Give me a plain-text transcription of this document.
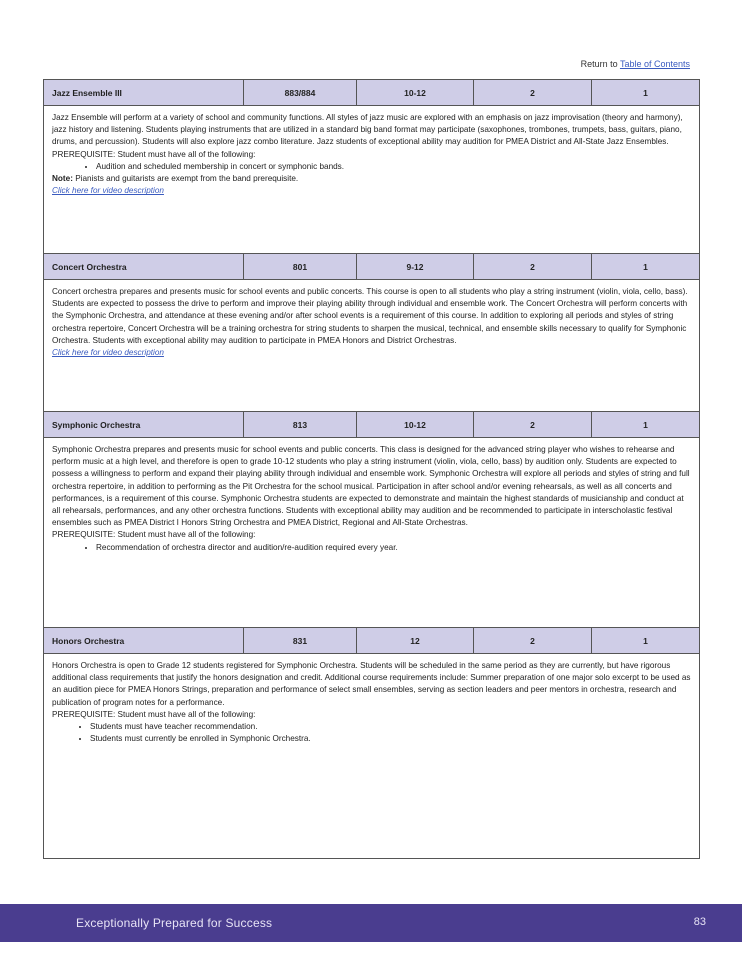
Return to Table of Contents
Jazz Ensemble III	883/884	10-12	2	1

Jazz Ensemble will perform at a variety of school and community functions. All styles of jazz music are explored with an emphasis on jazz improvisation (theory and harmony), jazz history and listening. Students playing instruments that are utilized in a standard big band format may participate (saxophones, trombones, trumpets, bass, guitars, piano, drums, and percussion). Students will also explore jazz combo literature. Jazz students of exceptional ability may audition for PMEA District and All-State Jazz Ensembles.

PREREQUISITE: Student must have all of the following:

• Audition and scheduled membership in concert or symphonic bands.

Note: Pianists and guitarists are exempt from the band prerequisite.

Click here for video description

Concert Orchestra	801	9-12	2	1

Concert orchestra prepares and presents music for school events and public concerts. This course is open to all students who play a string instrument (violin, viola, cello, bass). Students are expected to possess the drive to perform and improve their playing ability through individual and ensemble work. The Concert Orchestra will perform concerts with the Symphonic Orchestra, and attendance at these evening and/or after school events is a requirement of this course. In addition to exploring all periods and styles of string orchestra repertoire, Concert Orchestra will be a training orchestra for string students to sharpen the musical, technical, and ensemble skills necessary to qualify for Symphonic Orchestra. Students with exceptional ability may audition to participate in PMEA Honors and District Orchestras.

Click here for video description

Symphonic Orchestra	813	10-12	2	1

Symphonic Orchestra prepares and presents music for school events and public concerts. This class is designed for the advanced string player who wishes to rehearse and perform music at a high level, and therefore is open to grade 10-12 students who play a string instrument (violin, viola, cello, bass) by audition only. Students are expected to possess a willingness to perform and expand their playing ability through individual and ensemble work. Symphonic Orchestra will explore all periods and styles of string and full orchestra repertoire, in addition to performing as the Pit Orchestra for the school musical. Participation in after school and/or evening rehearsals, as well as all concerts and performances, is a requirement of this course. Symphonic Orchestra students are expected to demonstrate and maintain the highest standards of musicianship and conduct at all rehearsals, performances, and any other orchestra functions. Students with exceptional ability may audition and be recommended to participate in interscholastic festival ensembles such as PMEA District I Honors String Orchestra and PMEA District, Regional and All-State Orchestras.

PREREQUISITE: Student must have all of the following:

• Recommendation of orchestra director and audition/re-audition required every year.
Honors Orchestra	831	12	2	1

Honors Orchestra is open to Grade 12 students registered for Symphonic Orchestra. Students will be scheduled in the same period as they are currently, but have rigorous additional class requirements that justify the honors designation and credit. Additional course requirements include: Summer preparation of one major solo excerpt to be used as an audition piece for PMEA Honors Strings, preparation and performance of select small ensembles, serving as section leaders and peer mentors in orchestra, research and publication of program notes for a performance.

PREREQUISITE: Student must have all of the following:

• Students must have teacher recommendation.
• Students must currently be enrolled in Symphonic Orchestra.
Exceptionally Prepared for Success	83
